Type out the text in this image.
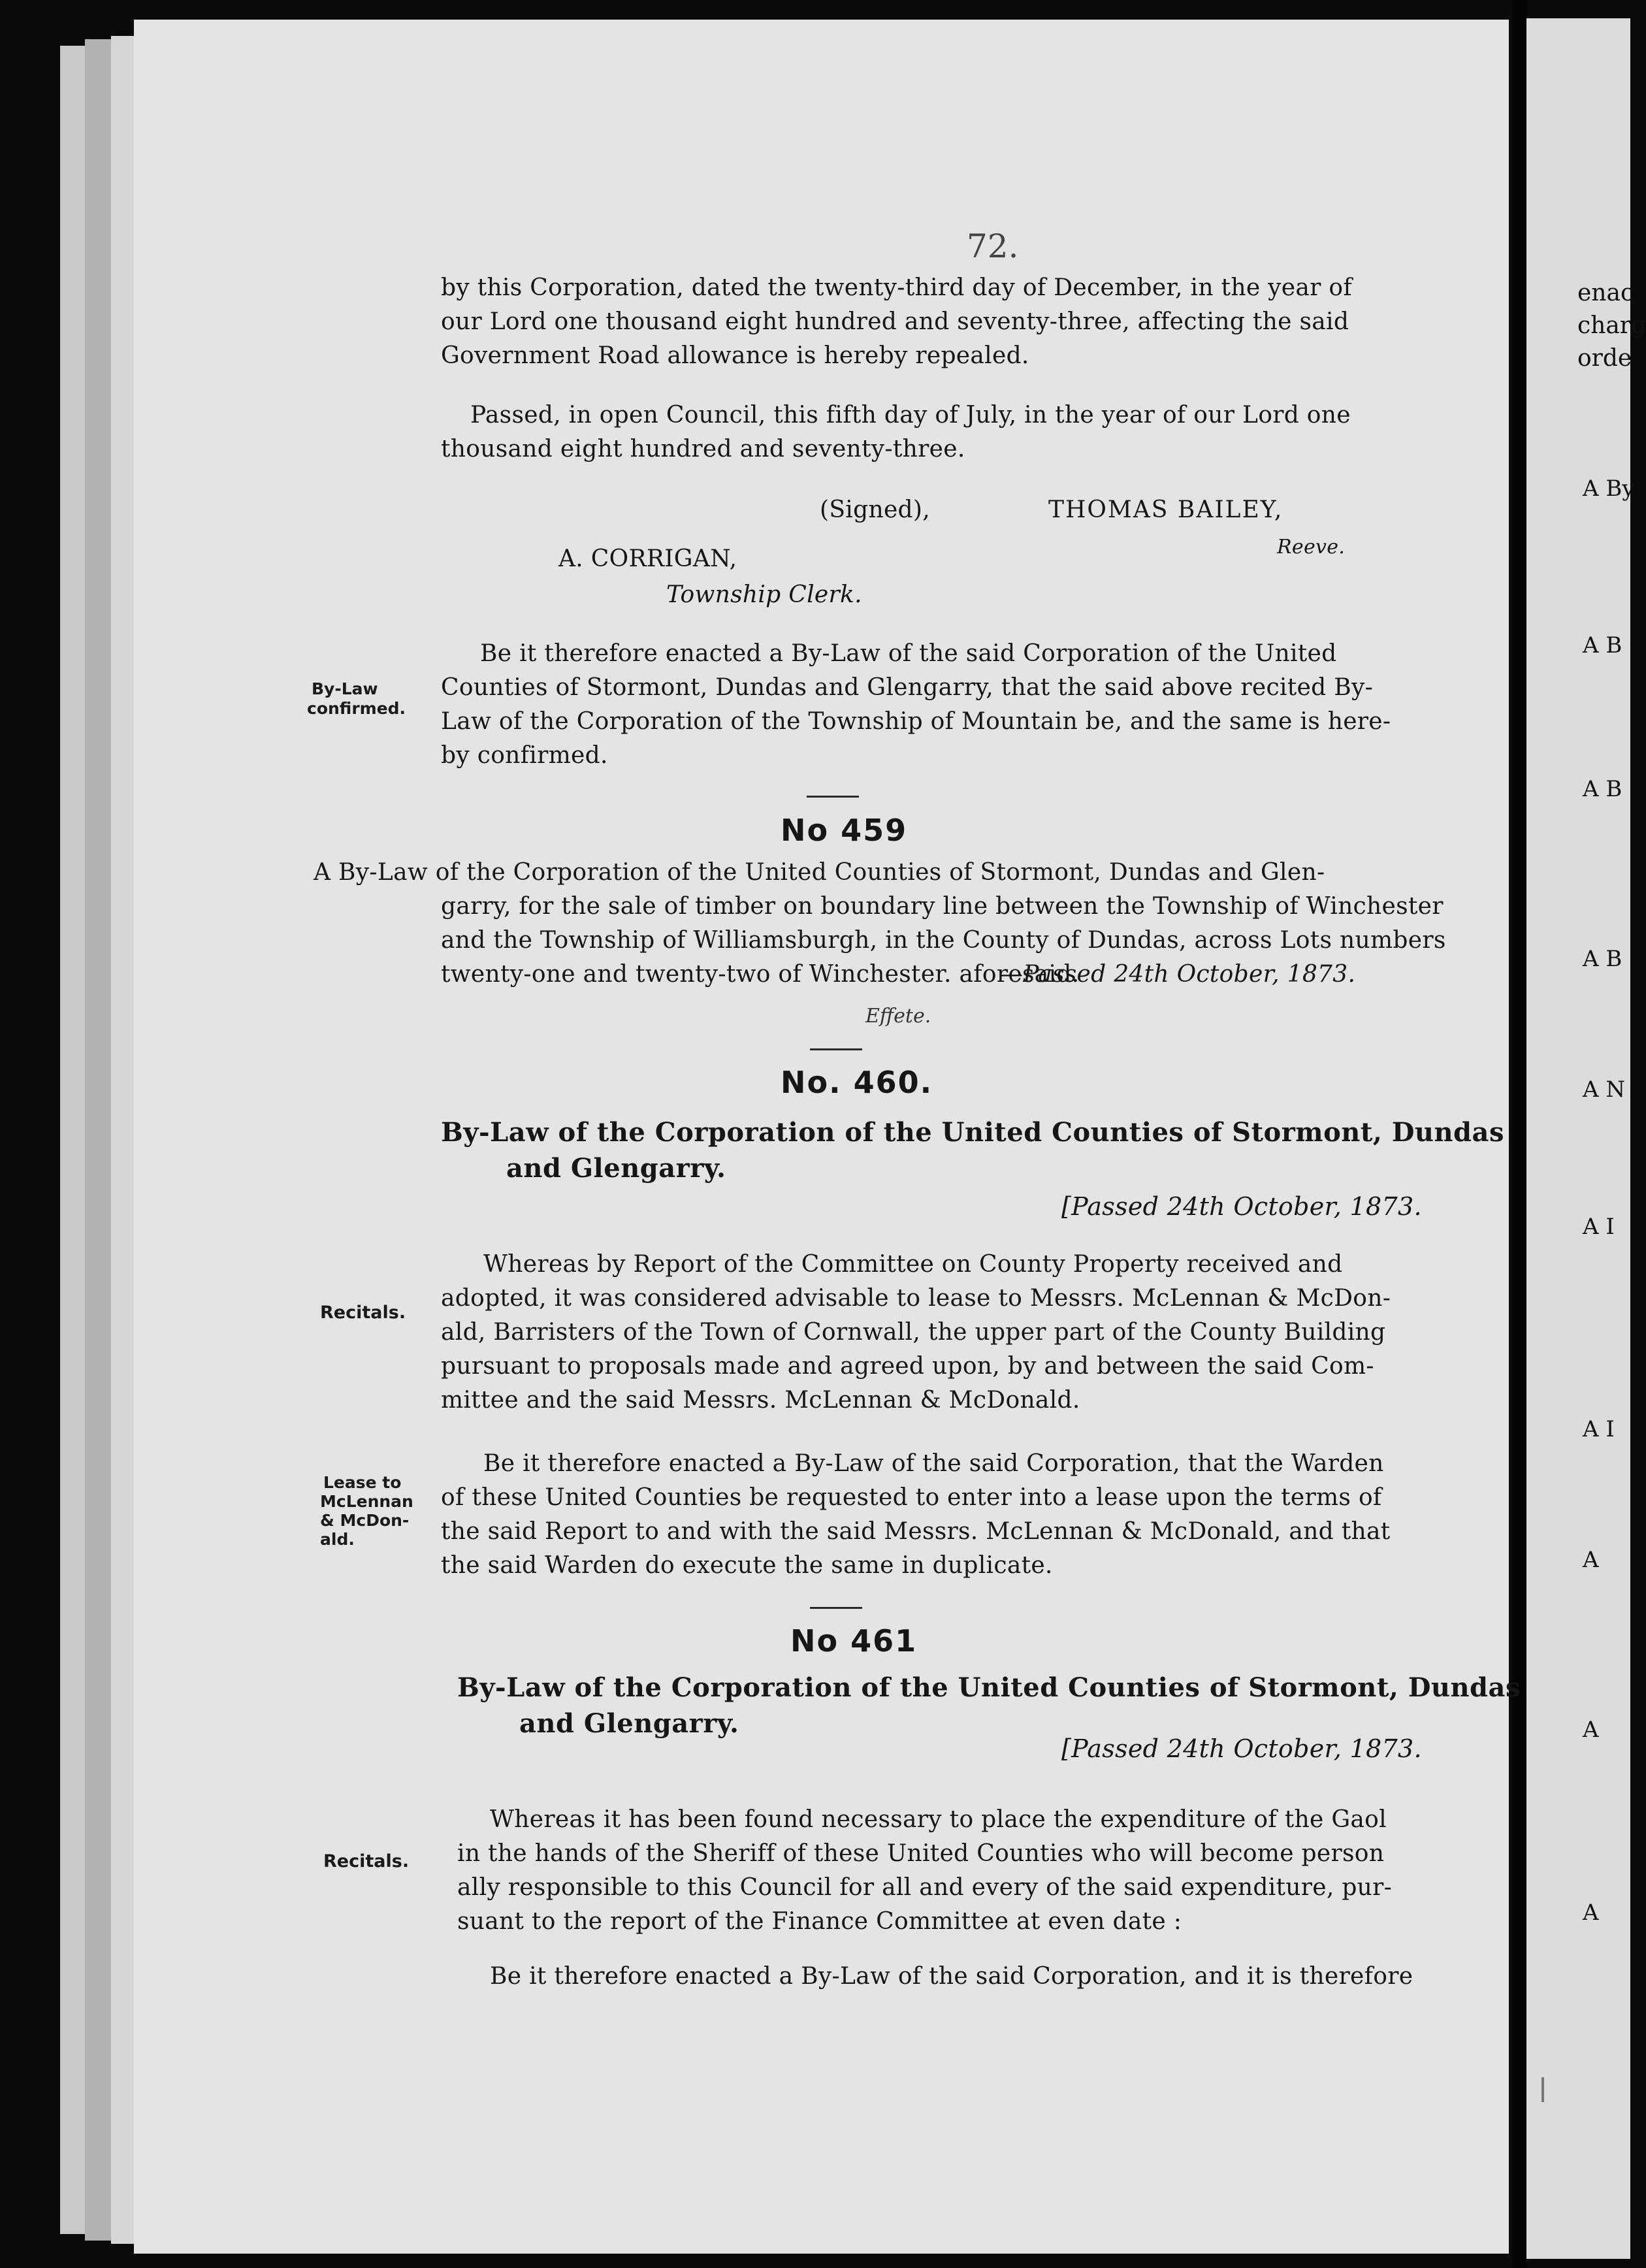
enac
charg
orde
A By
A B
A B
A B
A N
A I
A I
A
A
A
72.
by this Corporation, dated the twenty-third day of December, in the year of
our Lord one thousand eight hundred and seventy-three, affecting the said
Government Road allowance is hereby repealed.
Passed, in open Council, this fifth day of July, in the year of our Lord one
thousand eight hundred and seventy-three.
(Signed),	THOMAS BAILEY,
Reeve.
A. CORRIGAN,
Township Clerk.
By-Law
confirmed.
Be it therefore enacted a By-Law of the said Corporation of the United
Counties of Stormont, Dundas and Glengarry, that the said above recited By-
Law of the Corporation of the Township of Mountain be, and the same is here-
by confirmed.
No 459
A By-Law of the Corporation of the United Counties of Stormont, Dundas and Glen-
garry, for the sale of timber on boundary line between the Township of Winchester
and the Township of Williamsburgh, in the County of Dundas, across Lots numbers
twenty-one and twenty-two of Winchester. aforesaid.
—Passed 24th October, 1873.
Effete.
No. 460.
By-Law of the Corporation of the United Counties of Stormont, Dundas
and Glengarry.
[Passed 24th October, 1873.
Recitals.
Whereas by Report of the Committee on County Property received and
adopted, it was considered advisable to lease to Messrs. McLennan & McDon-
ald, Barristers of the Town of Cornwall, the upper part of the County Building
pursuant to proposals made and agreed upon, by and between the said Com-
mittee and the said Messrs. McLennan & McDonald.
Lease to
McLennan
& McDon-
ald.
Be it therefore enacted a By-Law of the said Corporation, that the Warden
of these United Counties be requested to enter into a lease upon the terms of
the said Report to and with the said Messrs. McLennan & McDonald, and that
the said Warden do execute the same in duplicate.
No 461
By-Law of the Corporation of the United Counties of Stormont, Dundas
and Glengarry.
[Passed 24th October, 1873.
Recitals.
Whereas it has been found necessary to place the expenditure of the Gaol
in the hands of the Sheriff of these United Counties who will become person
ally responsible to this Council for all and every of the said expenditure, pur-
suant to the report of the Finance Committee at even date :
Be it therefore enacted a By-Law of the said Corporation, and it is therefore
